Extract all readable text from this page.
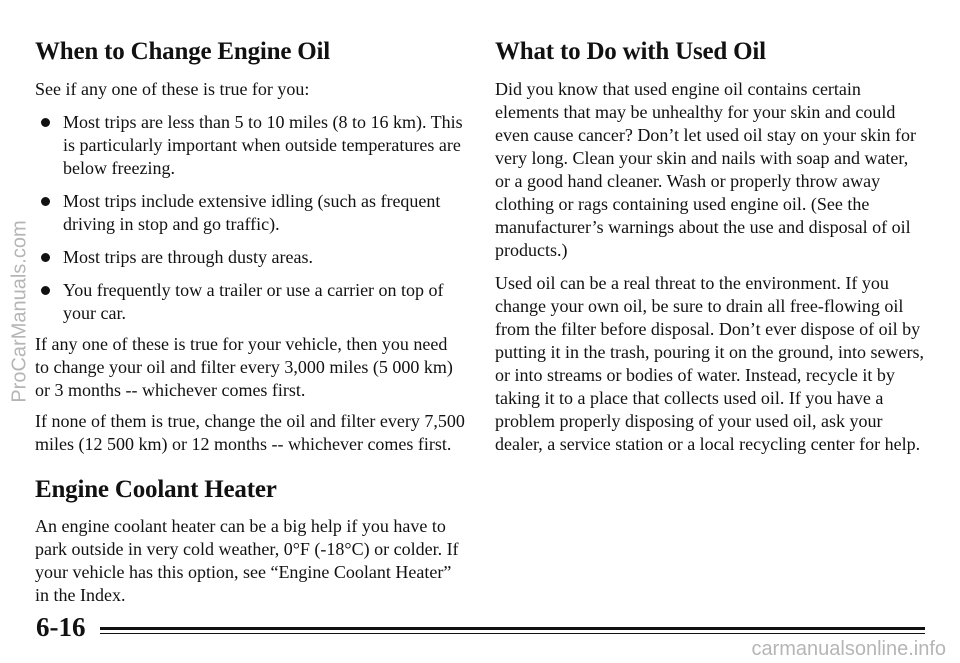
When to Change Engine Oil

See if any one of these is true for you:

Most trips are less than 5 to 10 miles (8 to 16 km). This is particularly important when outside temperatures are below freezing.
Most trips include extensive idling (such as frequent driving in stop and go traffic).
Most trips are through dusty areas.
You frequently tow a trailer or use a carrier on top of your car.

If any one of these is true for your vehicle, then you need to change your oil and filter every 3,000 miles (5 000 km) or 3 months -- whichever comes first.

If none of them is true, change the oil and filter every 7,500 miles (12 500 km) or 12 months -- whichever comes first.

Engine Coolant Heater

An engine coolant heater can be a big help if you have to park outside in very cold weather, 0°F (-18°C) or colder. If your vehicle has this option, see “Engine Coolant Heater” in the Index.

What to Do with Used Oil

Did you know that used engine oil contains certain elements that may be unhealthy for your skin and could even cause cancer? Don’t let used oil stay on your skin for very long. Clean your skin and nails with soap and water, or a good hand cleaner. Wash or properly throw away clothing or rags containing used engine oil. (See the manufacturer’s warnings about the use and disposal of oil products.)

Used oil can be a real threat to the environment. If you change your own oil, be sure to drain all free-flowing oil from the filter before disposal. Don’t ever dispose of oil by putting it in the trash, pouring it on the ground, into sewers, or into streams or bodies of water. Instead, recycle it by taking it to a place that collects used oil. If you have a problem properly disposing of your used oil, ask your dealer, a service station or a local recycling center for help.

6-16
ProCarManuals.com
carmanualsonline.info
